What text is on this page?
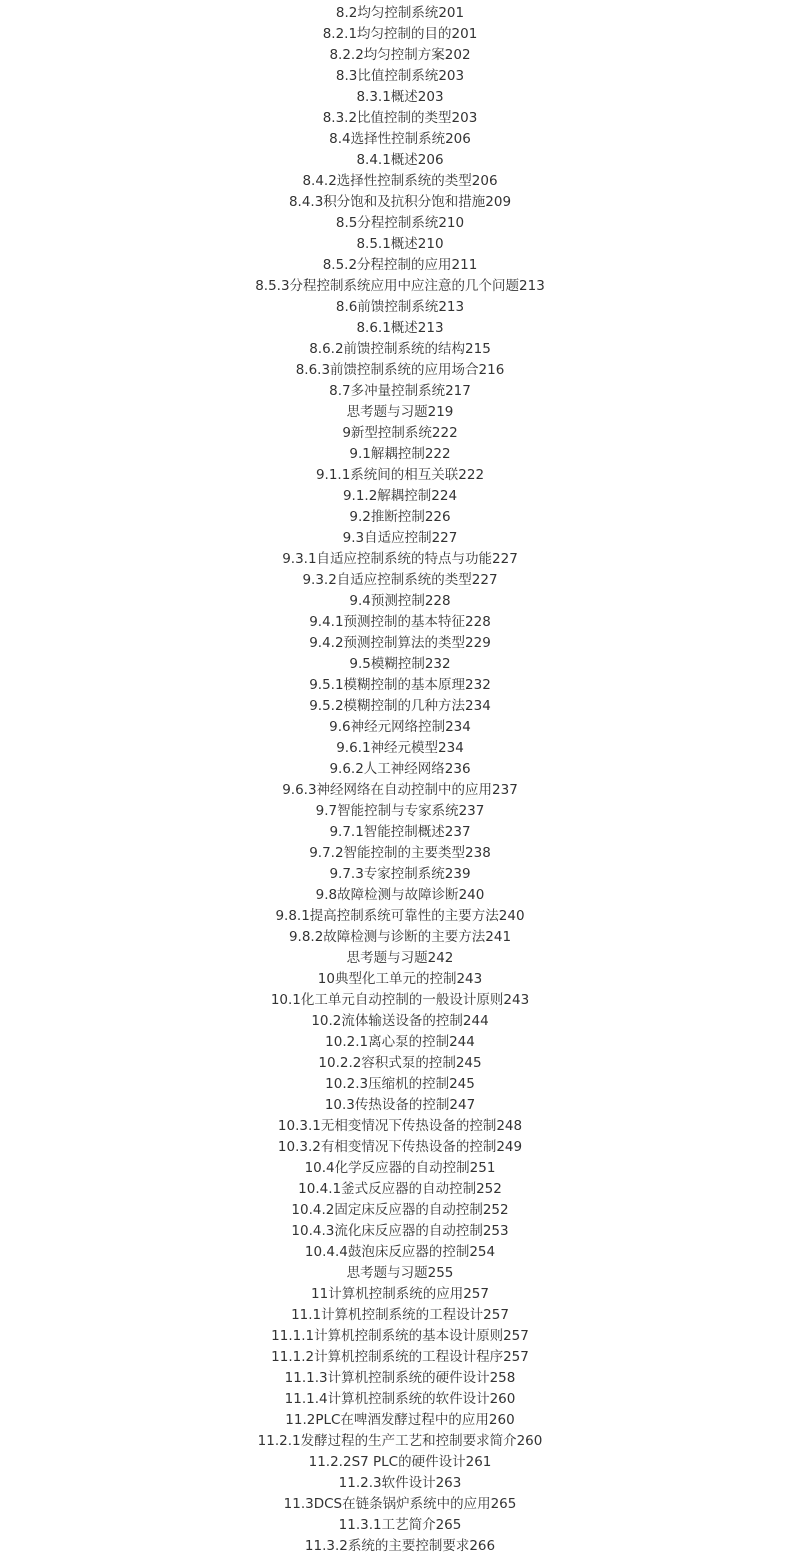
8.2均匀控制系统201
8.2.1均匀控制的目的201
8.2.2均匀控制方案202
8.3比值控制系统203
8.3.1概述203
8.3.2比值控制的类型203
8.4选择性控制系统206
8.4.1概述206
8.4.2选择性控制系统的类型206
8.4.3积分饱和及抗积分饱和措施209
8.5分程控制系统210
8.5.1概述210
8.5.2分程控制的应用211
8.5.3分程控制系统应用中应注意的几个问题213
8.6前馈控制系统213
8.6.1概述213
8.6.2前馈控制系统的结构215
8.6.3前馈控制系统的应用场合216
8.7多冲量控制系统217
思考题与习题219
9新型控制系统222
9.1解耦控制222
9.1.1系统间的相互关联222
9.1.2解耦控制224
9.2推断控制226
9.3自适应控制227
9.3.1自适应控制系统的特点与功能227
9.3.2自适应控制系统的类型227
9.4预测控制228
9.4.1预测控制的基本特征228
9.4.2预测控制算法的类型229
9.5模糊控制232
9.5.1模糊控制的基本原理232
9.5.2模糊控制的几种方法234
9.6神经元网络控制234
9.6.1神经元模型234
9.6.2人工神经网络236
9.6.3神经网络在自动控制中的应用237
9.7智能控制与专家系统237
9.7.1智能控制概述237
9.7.2智能控制的主要类型238
9.7.3专家控制系统239
9.8故障检测与故障诊断240
9.8.1提高控制系统可靠性的主要方法240
9.8.2故障检测与诊断的主要方法241
思考题与习题242
10典型化工单元的控制243
10.1化工单元自动控制的一般设计原则243
10.2流体输送设备的控制244
10.2.1离心泵的控制244
10.2.2容积式泵的控制245
10.2.3压缩机的控制245
10.3传热设备的控制247
10.3.1无相变情况下传热设备的控制248
10.3.2有相变情况下传热设备的控制249
10.4化学反应器的自动控制251
10.4.1釜式反应器的自动控制252
10.4.2固定床反应器的自动控制252
10.4.3流化床反应器的自动控制253
10.4.4鼓泡床反应器的控制254
思考题与习题255
11计算机控制系统的应用257
11.1计算机控制系统的工程设计257
11.1.1计算机控制系统的基本设计原则257
11.1.2计算机控制系统的工程设计程序257
11.1.3计算机控制系统的硬件设计258
11.1.4计算机控制系统的软件设计260
11.2PLC在啤酒发酵过程中的应用260
11.2.1发酵过程的生产工艺和控制要求简介260
11.2.2S7 PLC的硬件设计261
11.2.3软件设计263
11.3DCS在链条锅炉系统中的应用265
11.3.1工艺简介265
11.3.2系统的主要控制要求266
